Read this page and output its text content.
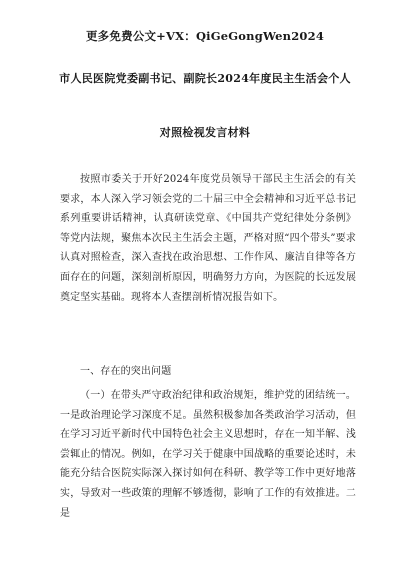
更多免费公文+VX：QiGeGongWen2024
市人民医院党委副书记、副院长2024年度民主生活会个人
对照检视发言材料

按照市委关于开好2024年度党员领导干部民主生活会的有关要求，本人深入学习领会党的二十届三中全会精神和习近平总书记系列重要讲话精神，认真研读党章、《中国共产党纪律处分条例》等党内法规，聚焦本次民主生活会主题，严格对照“四个带头”要求认真对照检查，深入查找在政治思想、工作作风、廉洁自律等各方面存在的问题，深刻剖析原因，明确努力方向，为医院的长远发展奠定坚实基础。现将本人查摆剖析情况报告如下。

一、存在的突出问题

（一）在带头严守政治纪律和政治规矩，维护党的团结统一。一是政治理论学习深度不足。虽然积极参加各类政治学习活动，但在学习习近平新时代中国特色社会主义思想时，存在一知半解、浅尝辄止的情况。例如，在学习关于健康中国战略的重要论述时，未能充分结合医院实际深入探讨如何在科研、教学等工作中更好地落实，导致对一些政策的理解不够透彻，影响了工作的有效推进。二是
